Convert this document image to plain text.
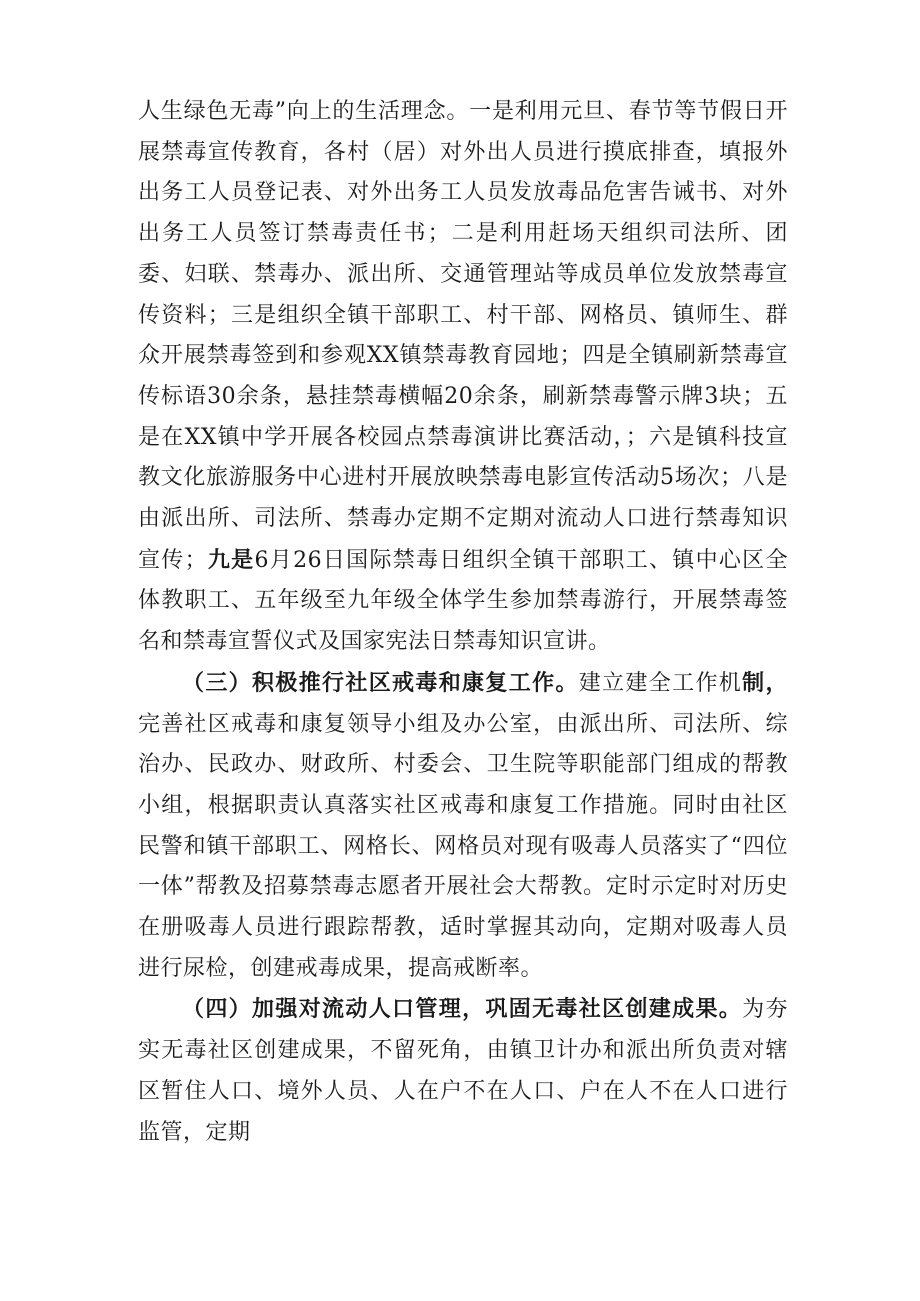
人生绿色无毒”向上的生活理念。一是利用元旦、春节等节假日开展禁毒宣传教育，各村（居）对外出人员进行摸底排查，填报外出务工人员登记表、对外出务工人员发放毒品危害告诫书、对外出务工人员签订禁毒责任书；二是利用赶场天组织司法所、团委、妇联、禁毒办、派出所、交通管理站等成员单位发放禁毒宣传资料；三是组织全镇干部职工、村干部、网格员、镇师生、群众开展禁毒签到和参观XX镇禁毒教育园地；四是全镇刷新禁毒宣传标语30余条，悬挂禁毒横幅20余条，刷新禁毒警示牌3块；五是在XX镇中学开展各校园点禁毒演讲比赛活动，；六是镇科技宣教文化旅游服务中心进村开展放映禁毒电影宣传活动5场次；八是由派出所、司法所、禁毒办定期不定期对流动人口进行禁毒知识宣传；九是6月26日国际禁毒日组织全镇干部职工、镇中心区全体教职工、五年级至九年级全体学生参加禁毒游行，开展禁毒签名和禁毒宣誓仪式及国家宪法日禁毒知识宣讲。

（三）积极推行社区戒毒和康复工作。建立建全工作机制，完善社区戒毒和康复领导小组及办公室，由派出所、司法所、综治办、民政办、财政所、村委会、卫生院等职能部门组成的帮教小组，根据职责认真落实社区戒毒和康复工作措施。同时由社区民警和镇干部职工、网格长、网格员对现有吸毒人员落实了“四位一体”帮教及招募禁毒志愿者开展社会大帮教。定时示定时对历史在册吸毒人员进行跟踪帮教，适时掌握其动向，定期对吸毒人员进行尿检，创建戒毒成果，提高戒断率。

（四）加强对流动人口管理，巩固无毒社区创建成果。为夯实无毒社区创建成果，不留死角，由镇卫计办和派出所负责对辖区暂住人口、境外人员、人在户不在人口、户在人不在人口进行监管，定期
